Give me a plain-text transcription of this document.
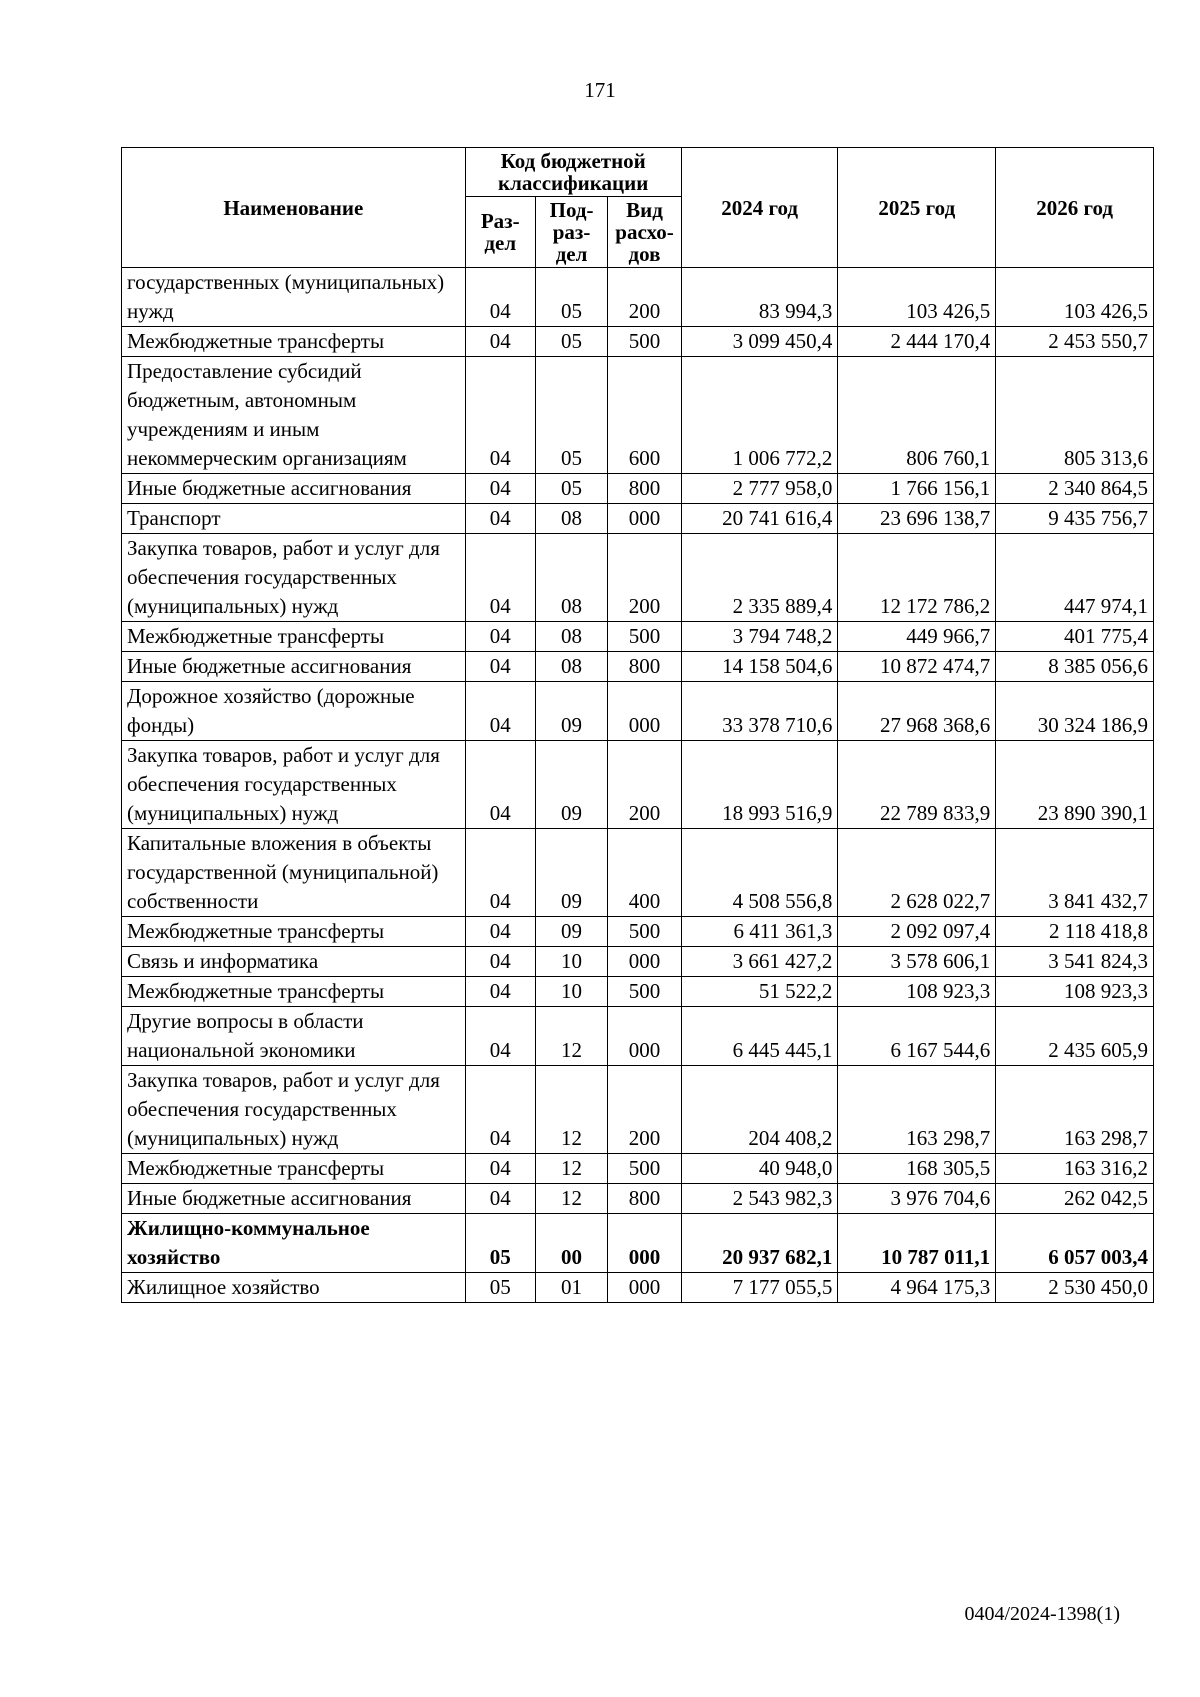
171
Наименование	Код бюджетной классификации			2024 год	2025 год	2026 год
	Раз-дел	Под-раз-дел	Вид расхо-дов			
государственных (муниципальных) нужд	04	05	200	83 994,3	103 426,5	103 426,5
Межбюджетные трансферты	04	05	500	3 099 450,4	2 444 170,4	2 453 550,7
Предоставление субсидий бюджетным, автономным учреждениям и иным некоммерческим организациям	04	05	600	1 006 772,2	806 760,1	805 313,6
Иные бюджетные ассигнования	04	05	800	2 777 958,0	1 766 156,1	2 340 864,5
Транспорт	04	08	000	20 741 616,4	23 696 138,7	9 435 756,7
Закупка товаров, работ и услуг для обеспечения государственных (муниципальных) нужд	04	08	200	2 335 889,4	12 172 786,2	447 974,1
Межбюджетные трансферты	04	08	500	3 794 748,2	449 966,7	401 775,4
Иные бюджетные ассигнования	04	08	800	14 158 504,6	10 872 474,7	8 385 056,6
Дорожное хозяйство (дорожные фонды)	04	09	000	33 378 710,6	27 968 368,6	30 324 186,9
Закупка товаров, работ и услуг для обеспечения государственных (муниципальных) нужд	04	09	200	18 993 516,9	22 789 833,9	23 890 390,1
Капитальные вложения в объекты государственной (муниципальной) собственности	04	09	400	4 508 556,8	2 628 022,7	3 841 432,7
Межбюджетные трансферты	04	09	500	6 411 361,3	2 092 097,4	2 118 418,8
Связь и информатика	04	10	000	3 661 427,2	3 578 606,1	3 541 824,3
Межбюджетные трансферты	04	10	500	51 522,2	108 923,3	108 923,3
Другие вопросы в области национальной экономики	04	12	000	6 445 445,1	6 167 544,6	2 435 605,9
Закупка товаров, работ и услуг для обеспечения государственных (муниципальных) нужд	04	12	200	204 408,2	163 298,7	163 298,7
Межбюджетные трансферты	04	12	500	40 948,0	168 305,5	163 316,2
Иные бюджетные ассигнования	04	12	800	2 543 982,3	3 976 704,6	262 042,5
Жилищно-коммунальное хозяйство	05	00	000	20 937 682,1	10 787 011,1	6 057 003,4
Жилищное хозяйство	05	01	000	7 177 055,5	4 964 175,3	2 530 450,0
0404/2024-1398(1)
